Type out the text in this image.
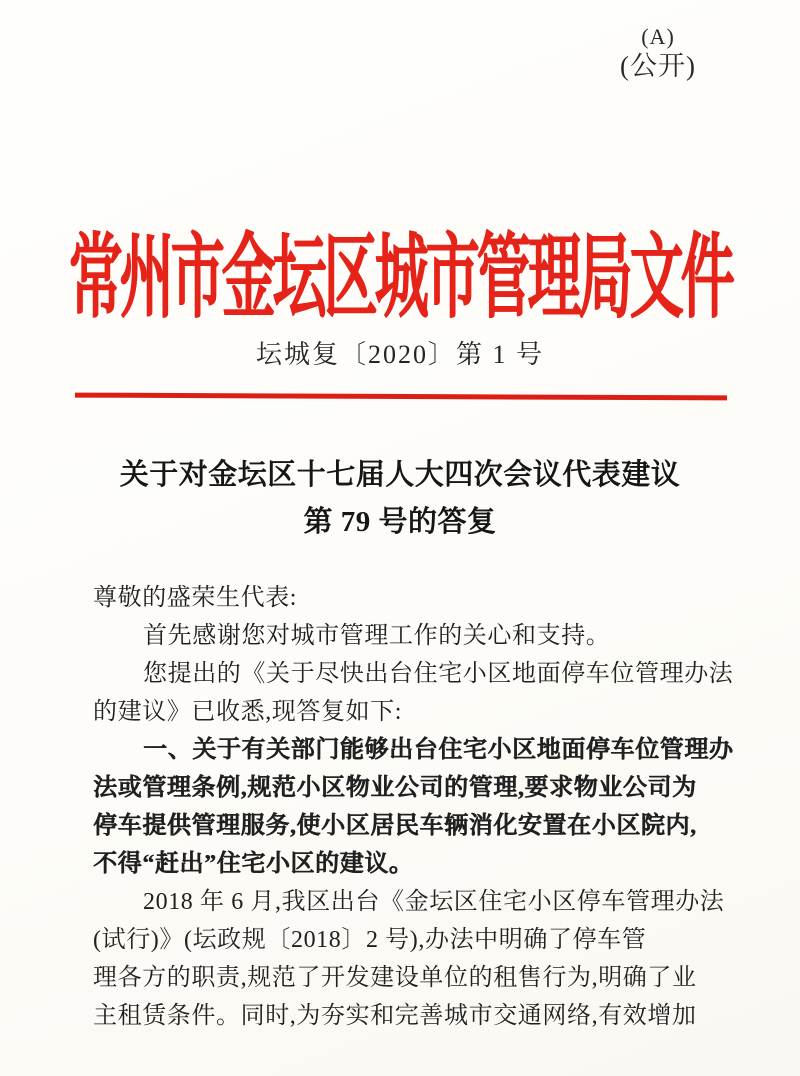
(A)
(公开)
常州市金坛区城市管理局文件
坛城复〔2020〕第 1 号
关于对金坛区十七届人大四次会议代表建议
第 79 号的答复
尊敬的盛荣生代表:
首先感谢您对城市管理工作的关心和支持。
您提出的《关于尽快出台住宅小区地面停车位管理办法
的建议》已收悉,现答复如下:
一、关于有关部门能够出台住宅小区地面停车位管理办
法或管理条例,规范小区物业公司的管理,要求物业公司为
停车提供管理服务,使小区居民车辆消化安置在小区院内,
不得“赶出”住宅小区的建议。
2018 年 6 月,我区出台《金坛区住宅小区停车管理办法
(试行)》(坛政规〔2018〕2 号),办法中明确了停车管
理各方的职责,规范了开发建设单位的租售行为,明确了业
主租赁条件。同时,为夯实和完善城市交通网络,有效增加
